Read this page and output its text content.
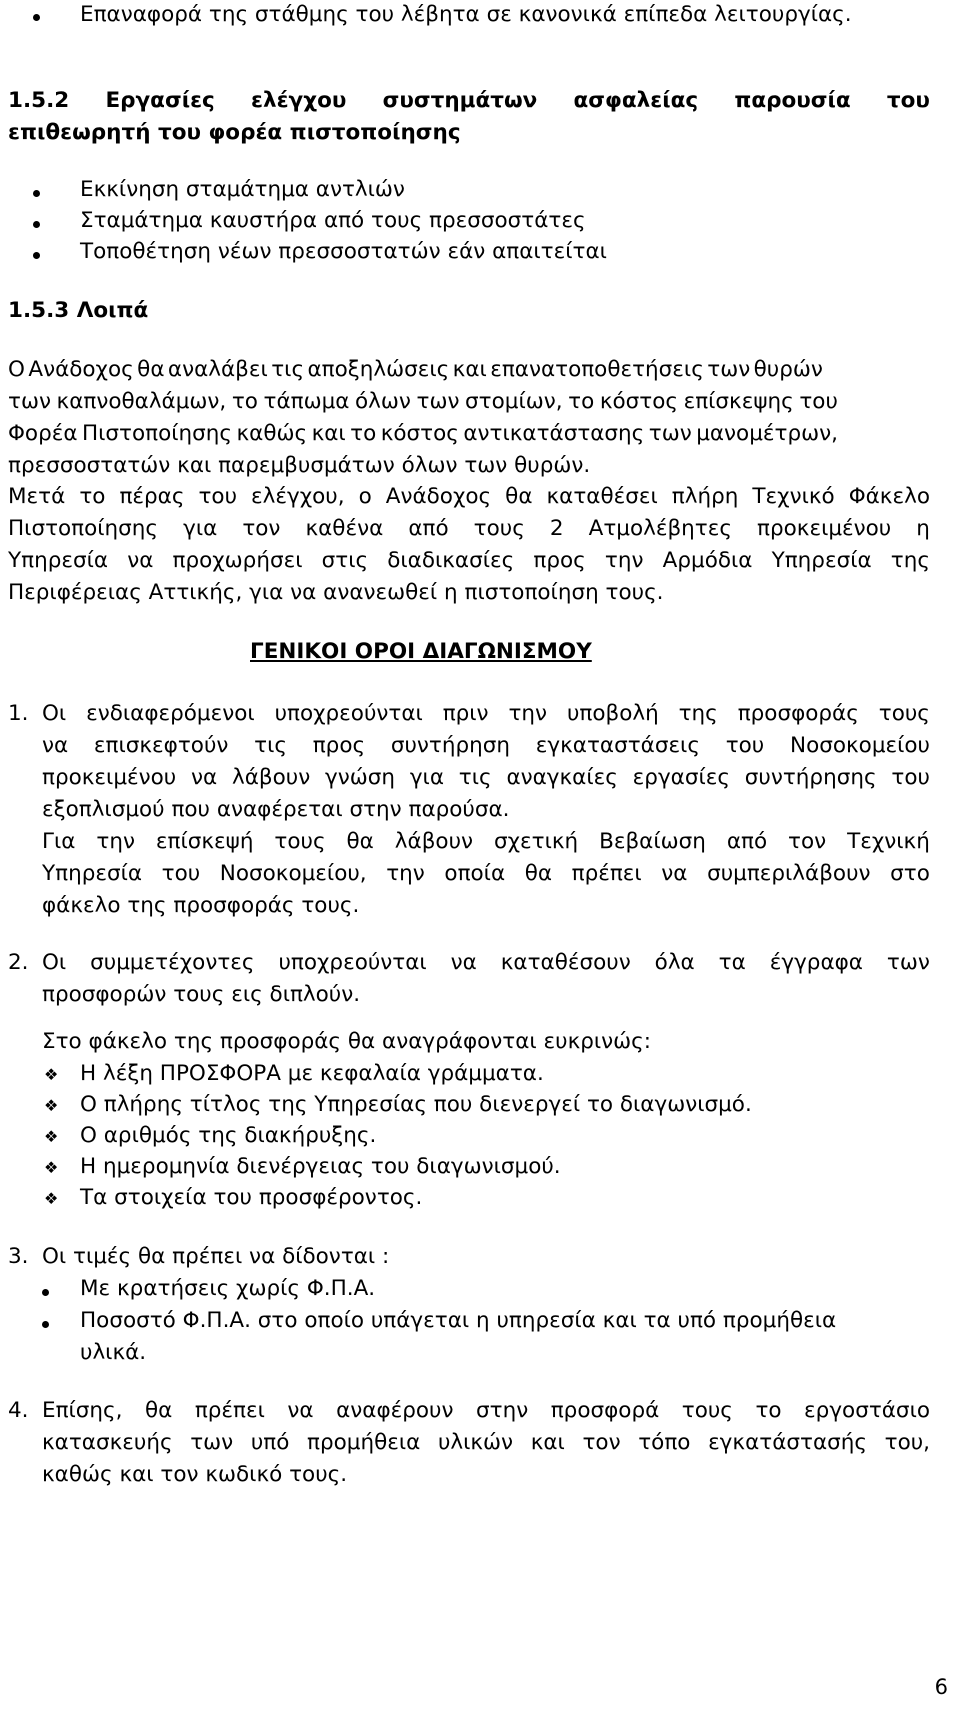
Επαναφορά της στάθμης του λέβητα σε κανονικά επίπεδα λειτουργίας.
1.5.2 Εργασίες ελέγχου συστημάτων ασφαλείας παρουσία του
επιθεωρητή του φορέα πιστοποίησης
Εκκίνηση σταμάτημα αντλιών
Σταμάτημα καυστήρα από τους πρεσσοστάτες
Τοποθέτηση νέων πρεσσοστατών εάν απαιτείται
1.5.3 Λοιπά
Ο Ανάδοχος θα αναλάβει τις αποξηλώσεις και επανατοποθετήσεις των θυρών
των καπνοθαλάμων, το τάπωμα όλων των στομίων, το κόστος επίσκεψης του
Φορέα Πιστοποίησης καθώς και το κόστος αντικατάστασης των μανομέτρων,
πρεσσοστατών και παρεμβυσμάτων όλων των θυρών.
Μετά το πέρας του ελέγχου, ο Ανάδοχος θα καταθέσει πλήρη Τεχνικό Φάκελο
Πιστοποίησης για τον καθένα από τους 2 Ατμολέβητες προκειμένου η
Υπηρεσία να προχωρήσει στις διαδικασίες προς την Αρμόδια Υπηρεσία της
Περιφέρειας Αττικής, για να ανανεωθεί η πιστοποίηση τους.
ΓΕΝΙΚΟΙ ΟΡΟΙ ΔΙΑΓΩΝΙΣΜΟΥ
1. Οι ενδιαφερόμενοι υποχρεούνται πριν την υποβολή της προσφοράς τους
να επισκεφτούν τις προς συντήρηση εγκαταστάσεις του Νοσοκομείου
προκειμένου να λάβουν γνώση για τις αναγκαίες εργασίες συντήρησης του
εξοπλισμού που αναφέρεται στην παρούσα.
Για την επίσκεψή τους θα λάβουν σχετική Βεβαίωση από τον Τεχνική
Υπηρεσία του Νοσοκομείου, την οποία θα πρέπει να συμπεριλάβουν στο
φάκελο της προσφοράς τους.
2. Οι συμμετέχοντες υποχρεούνται να καταθέσουν όλα τα έγγραφα των
προσφορών τους εις διπλούν.
Στο φάκελο της προσφοράς θα αναγράφονται ευκρινώς:
❖ Η λέξη ΠΡΟΣΦΟΡΑ με κεφαλαία γράμματα.
❖ Ο πλήρης τίτλος της Υπηρεσίας που διενεργεί το διαγωνισμό.
❖ Ο αριθμός της διακήρυξης.
❖ Η ημερομηνία διενέργειας του διαγωνισμού.
❖ Τα στοιχεία του προσφέροντος.
3. Οι τιμές θα πρέπει να δίδονται :
Με κρατήσεις χωρίς Φ.Π.Α.
Ποσοστό Φ.Π.Α. στο οποίο υπάγεται η υπηρεσία και τα υπό προμήθεια
υλικά.
4. Επίσης, θα πρέπει να αναφέρουν στην προσφορά τους το εργοστάσιο
κατασκευής των υπό προμήθεια υλικών και τον τόπο εγκατάστασής του,
καθώς και τον κωδικό τους.
6
